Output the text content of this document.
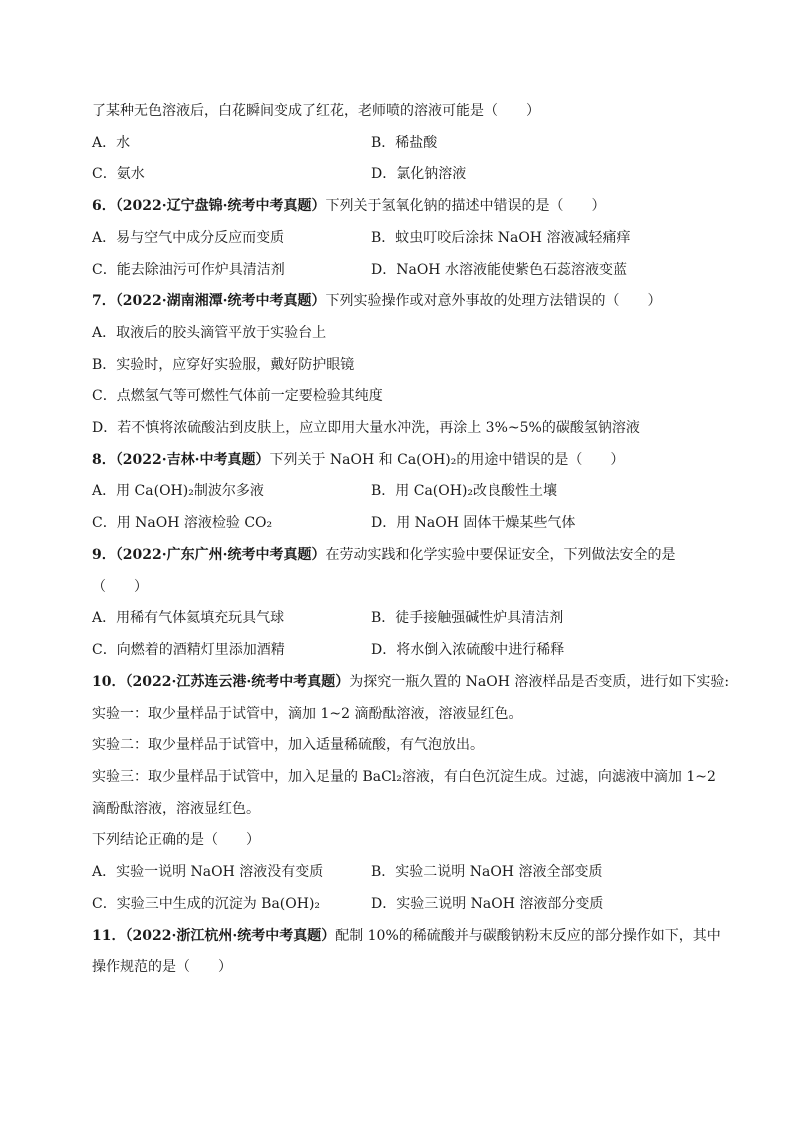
了某种无色溶液后，白花瞬间变成了红花，老师喷的溶液可能是（　　）
A．水	B．稀盐酸
C．氨水	D．氯化钠溶液
6．（2022·辽宁盘锦·统考中考真题）下列关于氢氧化钠的描述中错误的是（　　）
A．易与空气中成分反应而变质	B．蚊虫叮咬后涂抹 NaOH 溶液减轻痛痒
C．能去除油污可作炉具清洁剂	D．NaOH 水溶液能使紫色石蕊溶液变蓝
7．（2022·湖南湘潭·统考中考真题）下列实验操作或对意外事故的处理方法错误的（　　）
A．取液后的胶头滴管平放于实验台上
B．实验时，应穿好实验服，戴好防护眼镜
C．点燃氢气等可燃性气体前一定要检验其纯度
D．若不慎将浓硫酸沾到皮肤上，应立即用大量水冲洗，再涂上 3%~5%的碳酸氢钠溶液
8．（2022·吉林·中考真题）下列关于 NaOH 和 Ca(OH)₂的用途中错误的是（　　）
A．用 Ca(OH)₂制波尔多液	B．用 Ca(OH)₂改良酸性土壤
C．用 NaOH 溶液检验 CO₂	D．用 NaOH 固体干燥某些气体
9．（2022·广东广州·统考中考真题）在劳动实践和化学实验中要保证安全，下列做法安全的是
（　　）
A．用稀有气体氦填充玩具气球	B．徒手接触强碱性炉具清洁剂
C．向燃着的酒精灯里添加酒精	D．将水倒入浓硫酸中进行稀释
10．（2022·江苏连云港·统考中考真题）为探究一瓶久置的 NaOH 溶液样品是否变质，进行如下实验:
实验一：取少量样品于试管中，滴加 1~2 滴酚酞溶液，溶液显红色。
实验二：取少量样品于试管中，加入适量稀硫酸，有气泡放出。
实验三：取少量样品于试管中，加入足量的 BaCl₂溶液，有白色沉淀生成。过滤，向滤液中滴加 1~2
滴酚酞溶液，溶液显红色。
下列结论正确的是（　　）
A．实验一说明 NaOH 溶液没有变质	B．实验二说明 NaOH 溶液全部变质
C．实验三中生成的沉淀为 Ba(OH)₂	D．实验三说明 NaOH 溶液部分变质
11．（2022·浙江杭州·统考中考真题）配制 10%的稀硫酸并与碳酸钠粉末反应的部分操作如下，其中
操作规范的是（　　）
